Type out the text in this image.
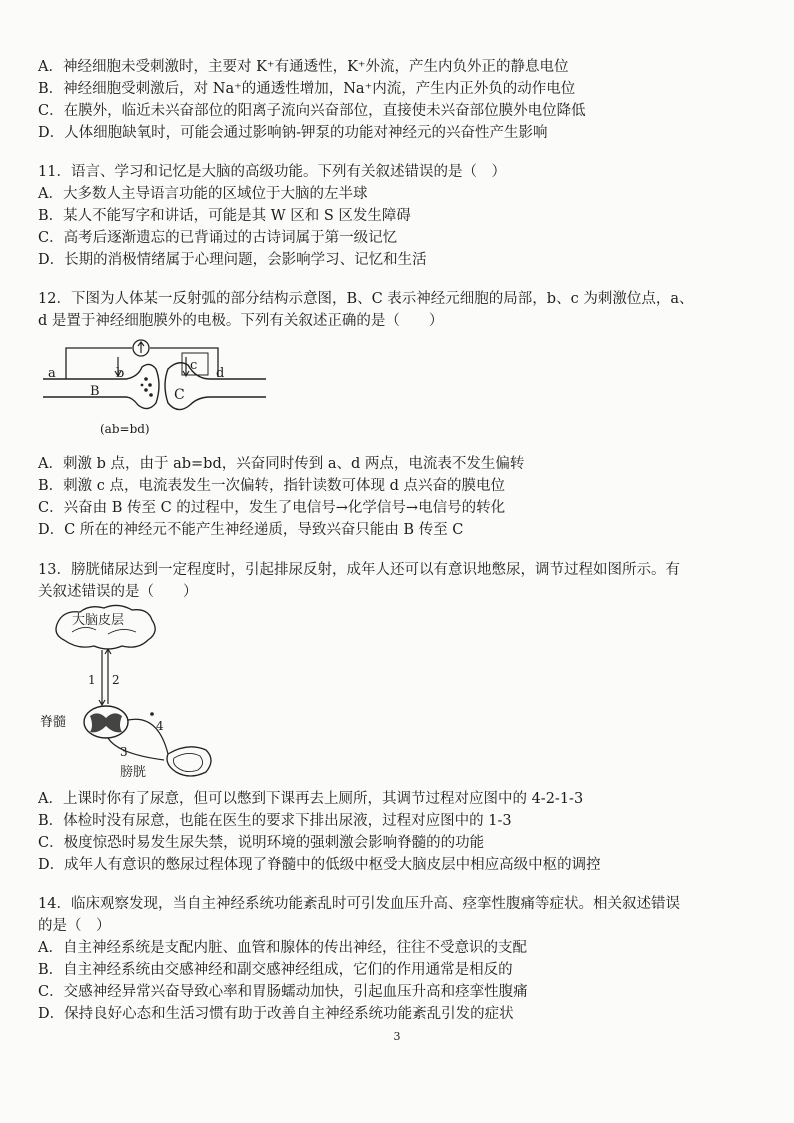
A．神经细胞未受刺激时，主要对 K⁺有通透性，K⁺外流，产生内负外正的静息电位
B．神经细胞受刺激后，对 Na⁺的通透性增加，Na⁺内流，产生内正外负的动作电位
C．在膜外，临近未兴奋部位的阳离子流向兴奋部位，直接使未兴奋部位膜外电位降低
D．人体细胞缺氧时，可能会通过影响钠-钾泵的功能对神经元的兴奋性产生影响
11．语言、学习和记忆是大脑的高级功能。下列有关叙述错误的是（　）
A．大多数人主导语言功能的区域位于大脑的左半球
B．某人不能写字和讲话，可能是其 W 区和 S 区发生障碍
C．高考后逐渐遗忘的已背诵过的古诗词属于第一级记忆
D．长期的消极情绪属于心理问题，会影响学习、记忆和生活
12．下图为人体某一反射弧的部分结构示意图，B、C 表示神经元细胞的局部，b、c 为刺激位点，a、
d 是置于神经细胞膜外的电极。下列有关叙述正确的是（　　）
a	b
B	C
c
d
(ab=bd)
A．刺激 b 点，由于 ab=bd，兴奋同时传到 a、d 两点，电流表不发生偏转
B．刺激 c 点，电流表发生一次偏转，指针读数可体现 d 点兴奋的膜电位
C．兴奋由 B 传至 C 的过程中，发生了电信号→化学信号→电信号的转化
D．C 所在的神经元不能产生神经递质，导致兴奋只能由 B 传至 C
13．膀胱储尿达到一定程度时，引起排尿反射，成年人还可以有意识地憋尿，调节过程如图所示。有
关叙述错误的是（　　）
大脑皮层
1 2
脊髓	4
3
膀胱
A．上课时你有了尿意，但可以憋到下课再去上厕所，其调节过程对应图中的 4-2-1-3
B．体检时没有尿意，也能在医生的要求下排出尿液，过程对应图中的 1-3
C．极度惊恐时易发生尿失禁，说明环境的强刺激会影响脊髓的的功能
D．成年人有意识的憋尿过程体现了脊髓中的低级中枢受大脑皮层中相应高级中枢的调控
14．临床观察发现，当自主神经系统功能紊乱时可引发血压升高、痉挛性腹痛等症状。相关叙述错误
的是（　）
A．自主神经系统是支配内脏、血管和腺体的传出神经，往往不受意识的支配
B．自主神经系统由交感神经和副交感神经组成，它们的作用通常是相反的
C．交感神经异常兴奋导致心率和胃肠蠕动加快，引起血压升高和痉挛性腹痛
D．保持良好心态和生活习惯有助于改善自主神经系统功能紊乱引发的症状
3
